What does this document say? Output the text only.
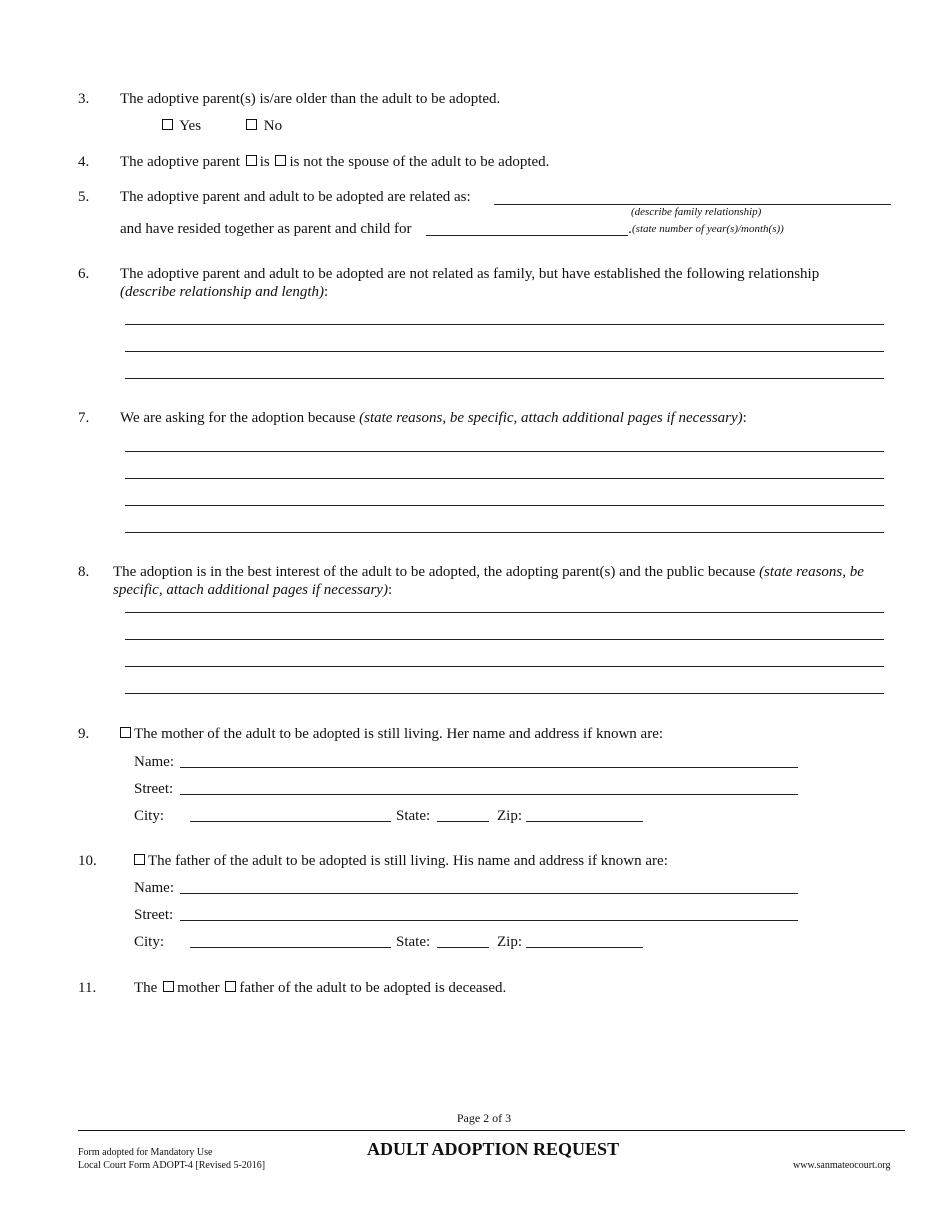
3. The adoptive parent(s) is/are older than the adult to be adopted.
Yes	No
4. The adoptive parent is is not the spouse of the adult to be adopted.
5. The adoptive parent and adult to be adopted are related as:
(describe family relationship)
and have resided together as parent and child for	. (state number of year(s)/month(s))
6. The adoptive parent and adult to be adopted are not related as family, but have established the following relationship
(describe relationship and length):
7. We are asking for the adoption because (state reasons, be specific, attach additional pages if necessary):
8. The adoption is in the best interest of the adult to be adopted, the adopting parent(s) and the public because (state reasons, be
specific, attach additional pages if necessary):
9.	The mother of the adult to be adopted is still living. Her name and address if known are:
Name:
Street:
City:	State:	Zip:
10.	The father of the adult to be adopted is still living. His name and address if known are:
Name:
Street:
City:	State:	Zip:
11.	The mother father of the adult to be adopted is deceased.
Page 2 of 3
Form adopted for Mandatory Use
Local Court Form ADOPT-4 [Revised 5-2016]
ADULT ADOPTION REQUEST
www.sanmateocourt.org
